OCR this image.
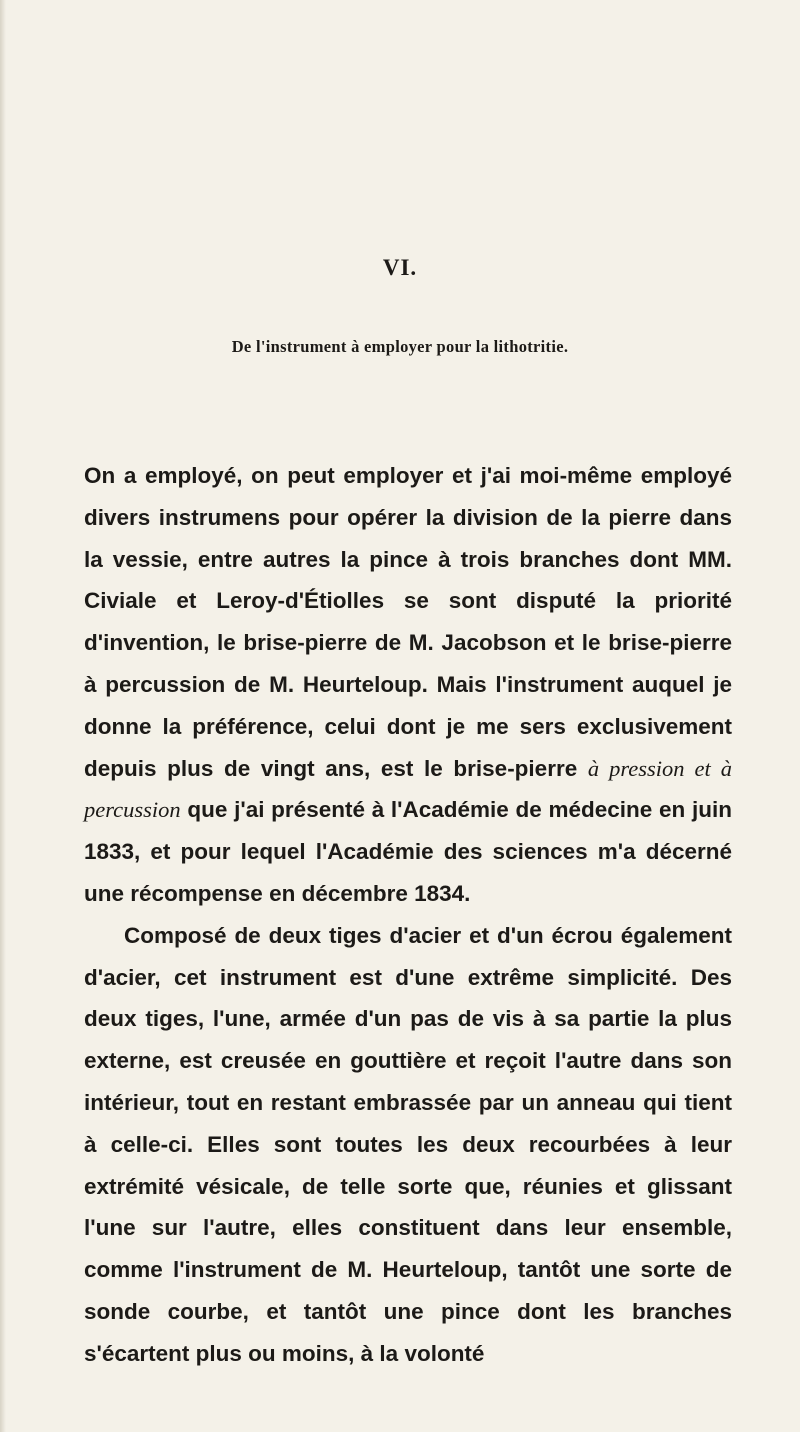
VI.
De l'instrument à employer pour la lithotritie.

On a employé, on peut employer et j'ai moi-même employé divers instrumens pour opérer la division de la pierre dans la vessie, entre autres la pince à trois branches dont MM. Civiale et Leroy-d'Étiolles se sont disputé la priorité d'invention, le brise-pierre de M. Jacobson et le brise-pierre à percussion de M. Heurteloup. Mais l'instrument auquel je donne la préférence, celui dont je me sers exclusivement depuis plus de vingt ans, est le brise-pierre à pression et à percussion que j'ai présenté à l'Académie de médecine en juin 1833, et pour lequel l'Académie des sciences m'a décerné une récompense en décembre 1834.

Composé de deux tiges d'acier et d'un écrou également d'acier, cet instrument est d'une extrême simplicité. Des deux tiges, l'une, armée d'un pas de vis à sa partie la plus externe, est creusée en gouttière et reçoit l'autre dans son intérieur, tout en restant embrassée par un anneau qui tient à celle-ci. Elles sont toutes les deux recourbées à leur extrémité vésicale, de telle sorte que, réunies et glissant l'une sur l'autre, elles constituent dans leur ensemble, comme l'instrument de M. Heurteloup, tantôt une sorte de sonde courbe, et tantôt une pince dont les branches s'écartent plus ou moins, à la volonté
